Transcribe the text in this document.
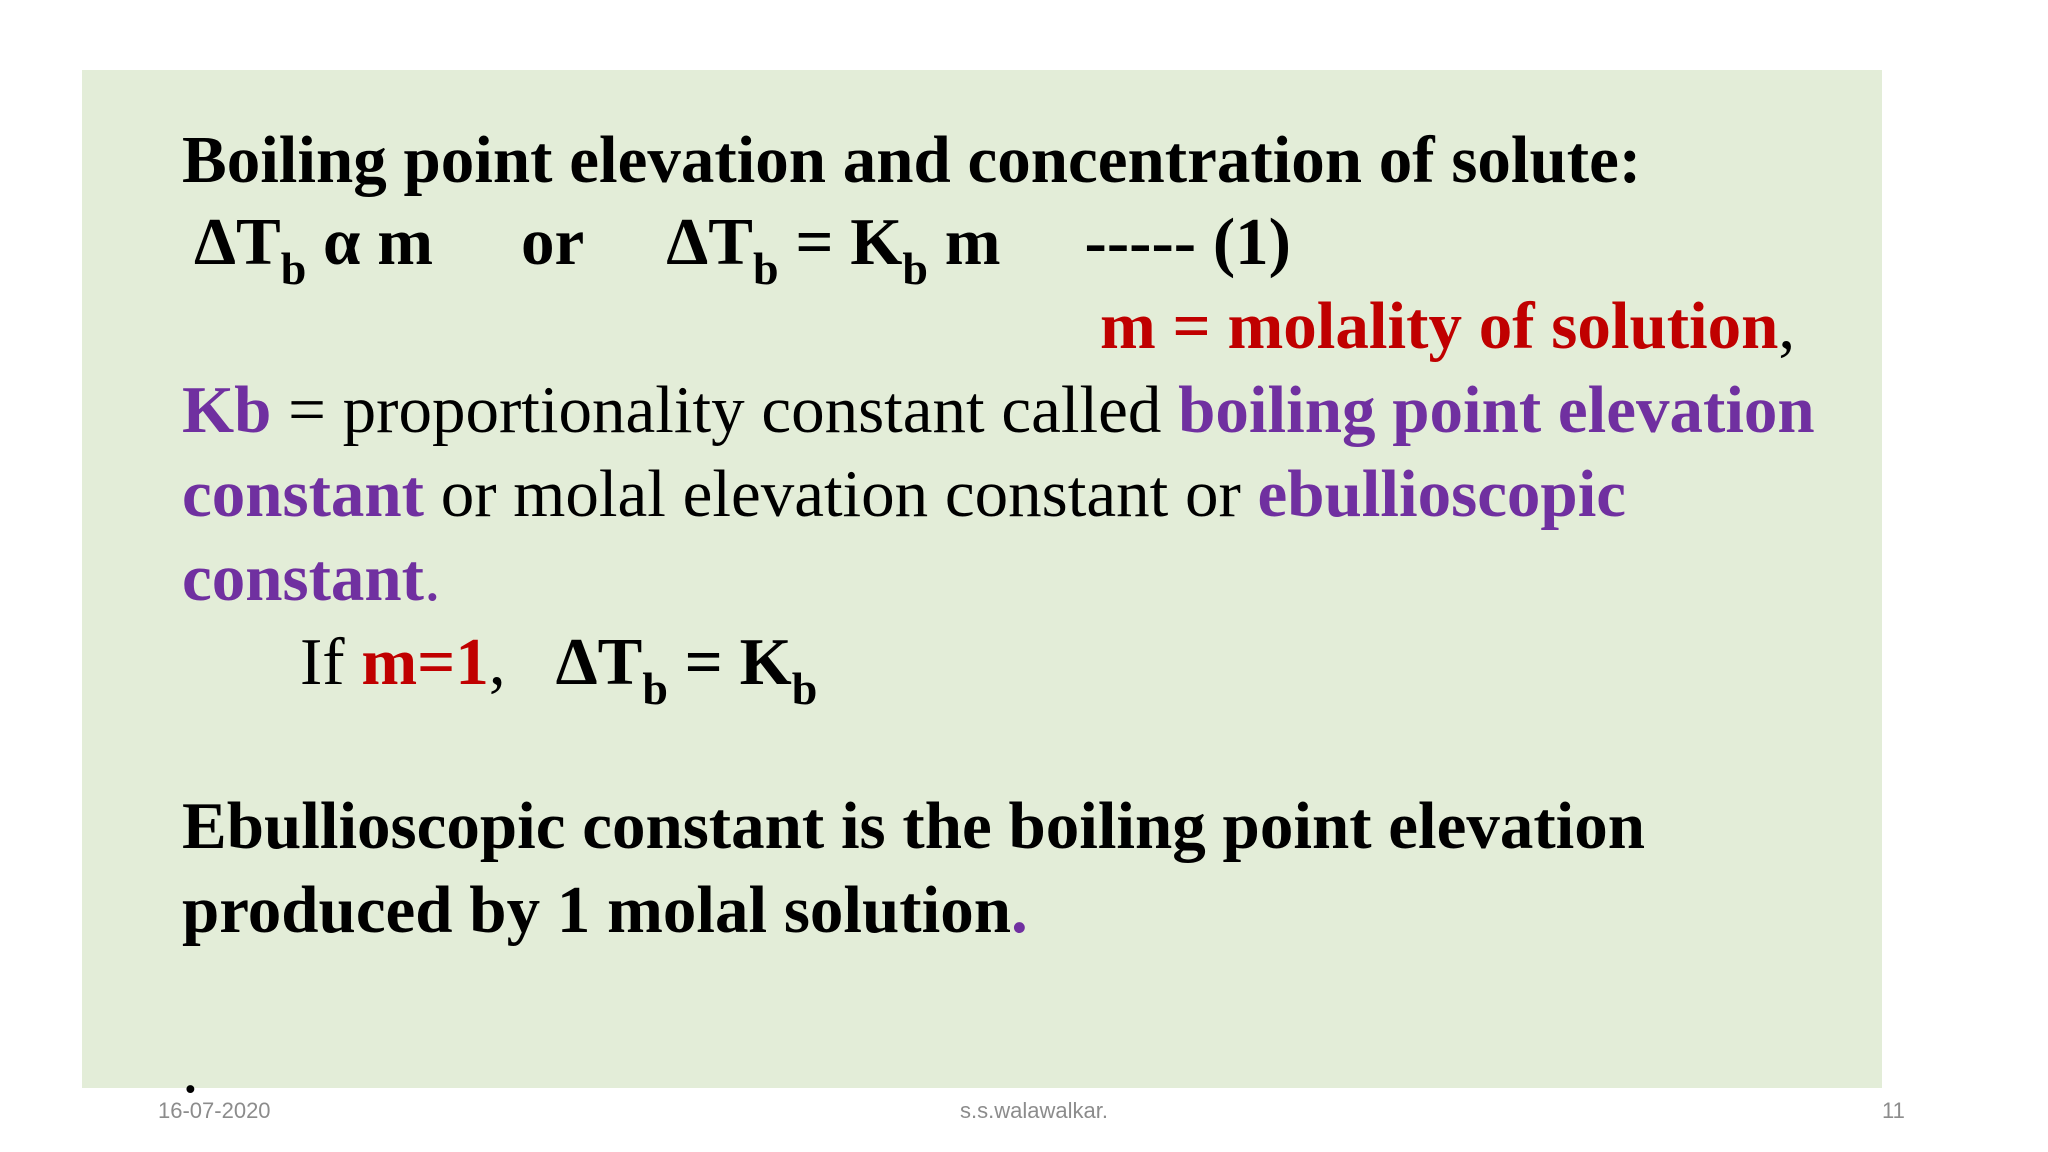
Boiling point elevation and concentration of solute:
$\Delta T_b$ α m or $\Delta T_b = K_b$ m ----- (1)
m = molality of solution,
Kb = proportionality constant called boiling point elevation
constant or molal elevation constant or ebullioscopic
constant.
If m=1, $\Delta T_b = K_b$
Ebullioscopic constant is the boiling point elevation
produced by 1 molal solution.
.
16-07-2020	s.s.walawalkar.	11
